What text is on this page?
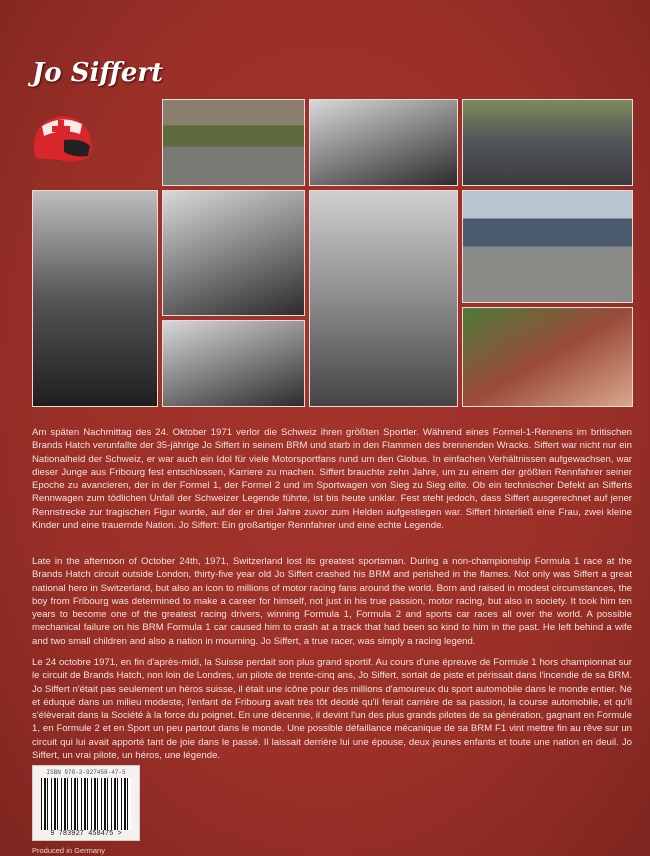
Jo Siffert
Am späten Nachmittag des 24. Oktober 1971 verlor die Schweiz ihren größten Sportler. Während eines Formel-1-Rennens im britischen Brands Hatch verunfallte der 35-jährige Jo Siffert in seinem BRM und starb in den Flammen des brennenden Wracks. Siffert war nicht nur ein Nationalheld der Schweiz, er war auch ein Idol für viele Motorsportfans rund um den Globus. In einfachen Verhältnissen aufgewachsen, war dieser Junge aus Fribourg fest entschlossen, Karriere zu machen. Siffert brauchte zehn Jahre, um zu einem der größten Rennfahrer seiner Epoche zu avancieren, der in der Formel 1, der Formel 2 und im Sportwagen von Sieg zu Sieg eilte. Ob ein technischer Defekt an Sifferts Rennwagen zum tödlichen Unfall der Schweizer Legende führte, ist bis heute unklar. Fest steht jedoch, dass Siffert ausgerechnet auf jener Rennstrecke zur tragischen Figur wurde, auf der er drei Jahre zuvor zum Helden aufgestiegen war. Siffert hinterließ eine Frau, zwei kleine Kinder und eine trauernde Nation. Jo Siffert: Ein großartiger Rennfahrer und eine echte Legende.
Late in the afternoon of October 24th, 1971, Switzerland lost its greatest sportsman. During a non-championship Formula 1 race at the Brands Hatch circuit outside London, thirty-five year old Jo Siffert crashed his BRM and perished in the flames. Not only was Siffert a great national hero in Switzerland, but also an icon to millions of motor racing fans around the world. Born and raised in modest circumstances, the boy from Fribourg was determined to make a career for himself, not just in his true passion, motor racing, but also in society. It took him ten years to become one of the greatest racing drivers, winning Formula 1, Formula 2 and sports car races all over the world. A possible mechanical failure on his BRM Formula 1 car caused him to crash at a track that had been so kind to him in the past. He left behind a wife and two small children and also a nation in mourning. Jo Siffert, a true racer, was simply a racing legend.
Le 24 octobre 1971, en fin d'après-midi, la Suisse perdait son plus grand sportif. Au cours d'une épreuve de Formule 1 hors championnat sur le circuit de Brands Hatch, non loin de Londres, un pilote de trente-cinq ans, Jo Siffert, sortait de piste et périssait dans l'incendie de sa BRM. Jo Siffert n'était pas seulement un héros suisse, il était une icône pour des millions d'amoureux du sport automobile dans le monde entier. Né et éduqué dans un milieu modeste, l'enfant de Fribourg avait très tôt décidé qu'il ferait carrière de sa passion, la course automobile, et qu'il s'élèverait dans la Société à la force du poignet. En une décennie, il devint l'un des plus grands pilotes de sa génération, gagnant en Formule 1, en Formule 2 et en Sport un peu partout dans le monde. Une possible défaillance mécanique de sa BRM F1 vint mettre fin au rêve sur un circuit qui lui avait apporté tant de joie dans le passé. Il laissait derrière lui une épouse, deux jeunes enfants et toute une nation en deuil. Jo Siffert, un vrai pilote, un héros, une légende.
ISBN 978-3-927458-47-5
9 783927 458475 >
Produced in Germany
